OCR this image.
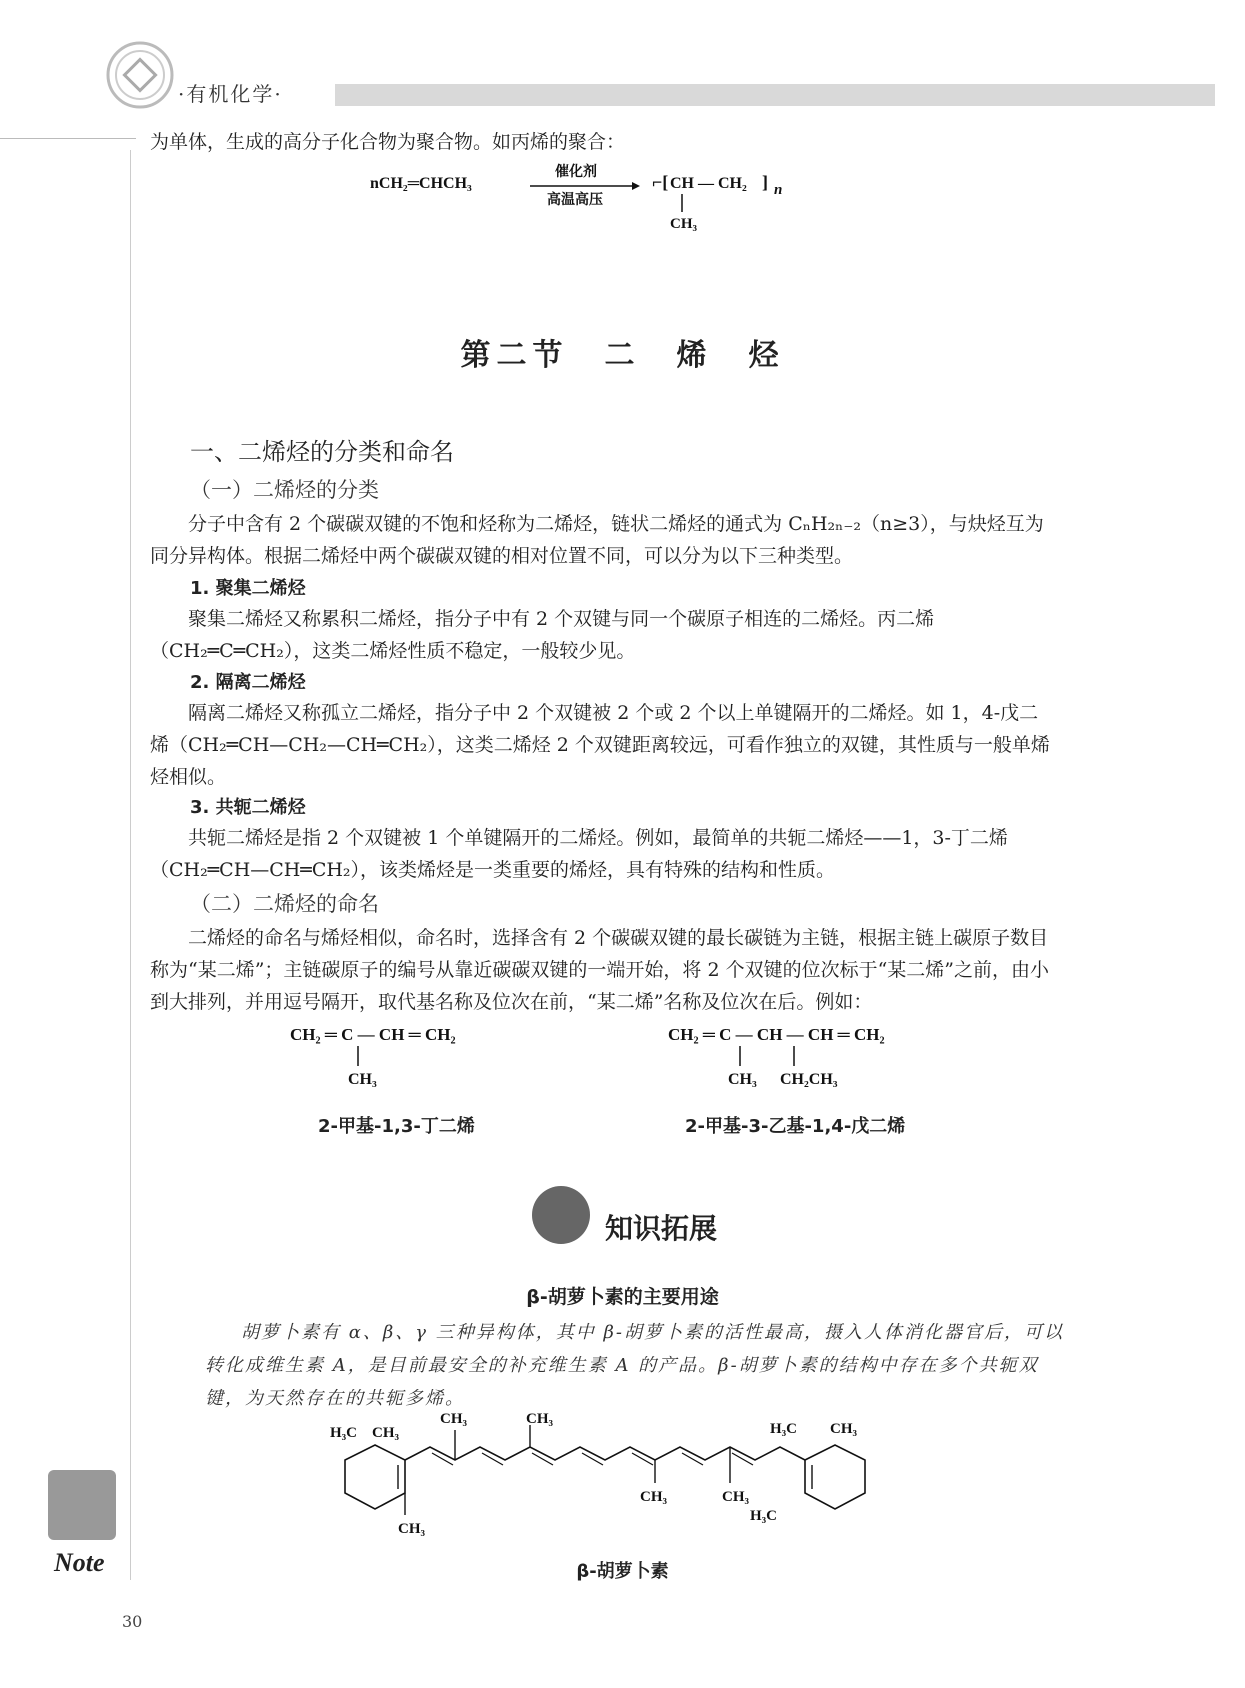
·有机化学·
为单体，生成的高分子化合物为聚合物。如丙烯的聚合：
nCH₂═CHCH₃
催化剂
高温高压
⌐[ CH — CH₂ ] n
CH₃
第二节　二　烯　烃
一、二烯烃的分类和命名
（一）二烯烃的分类
分子中含有 2 个碳碳双键的不饱和烃称为二烯烃，链状二烯烃的通式为 CₙH₂ₙ₋₂（n≥3），与炔烃互为同分异构体。根据二烯烃中两个碳碳双键的相对位置不同，可以分为以下三种类型。
1. 聚集二烯烃
聚集二烯烃又称累积二烯烃，指分子中有 2 个双键与同一个碳原子相连的二烯烃。丙二烯（CH₂═C═CH₂），这类二烯烃性质不稳定，一般较少见。
2. 隔离二烯烃
隔离二烯烃又称孤立二烯烃，指分子中 2 个双键被 2 个或 2 个以上单键隔开的二烯烃。如 1，4-戊二烯（CH₂═CH—CH₂—CH═CH₂），这类二烯烃 2 个双键距离较远，可看作独立的双键，其性质与一般单烯烃相似。
3. 共轭二烯烃
共轭二烯烃是指 2 个双键被 1 个单键隔开的二烯烃。例如，最简单的共轭二烯烃——1，3-丁二烯（CH₂═CH—CH═CH₂），该类烯烃是一类重要的烯烃，具有特殊的结构和性质。
（二）二烯烃的命名
二烯烃的命名与烯烃相似，命名时，选择含有 2 个碳碳双键的最长碳链为主链，根据主链上碳原子数目称为“某二烯”；主链碳原子的编号从靠近碳碳双键的一端开始，将 2 个双键的位次标于“某二烯”之前，由小到大排列，并用逗号隔开，取代基名称及位次在前，“某二烯”名称及位次在后。例如：
CH₂ ═ C — CH ═ CH₂
CH₃
2-甲基-1,3-丁二烯
CH₂ ═ C — CH — CH ═ CH₂
CH₃ CH₂CH₃
2-甲基-3-乙基-1,4-戊二烯
知识拓展
β-胡萝卜素的主要用途
胡萝卜素有 α、β、γ 三种异构体，其中 β-胡萝卜素的活性最高，摄入人体消化器官后，可以转化成维生素 A，是目前最安全的补充维生素 A 的产品。β-胡萝卜素的结构中存在多个共轭双键，为天然存在的共轭多烯。
H₃C CH₃
CH₃	CH₃
CH₃
CH₃	CH₃
H₃C CH₃
H₃C
β-胡萝卜素
Note
30
